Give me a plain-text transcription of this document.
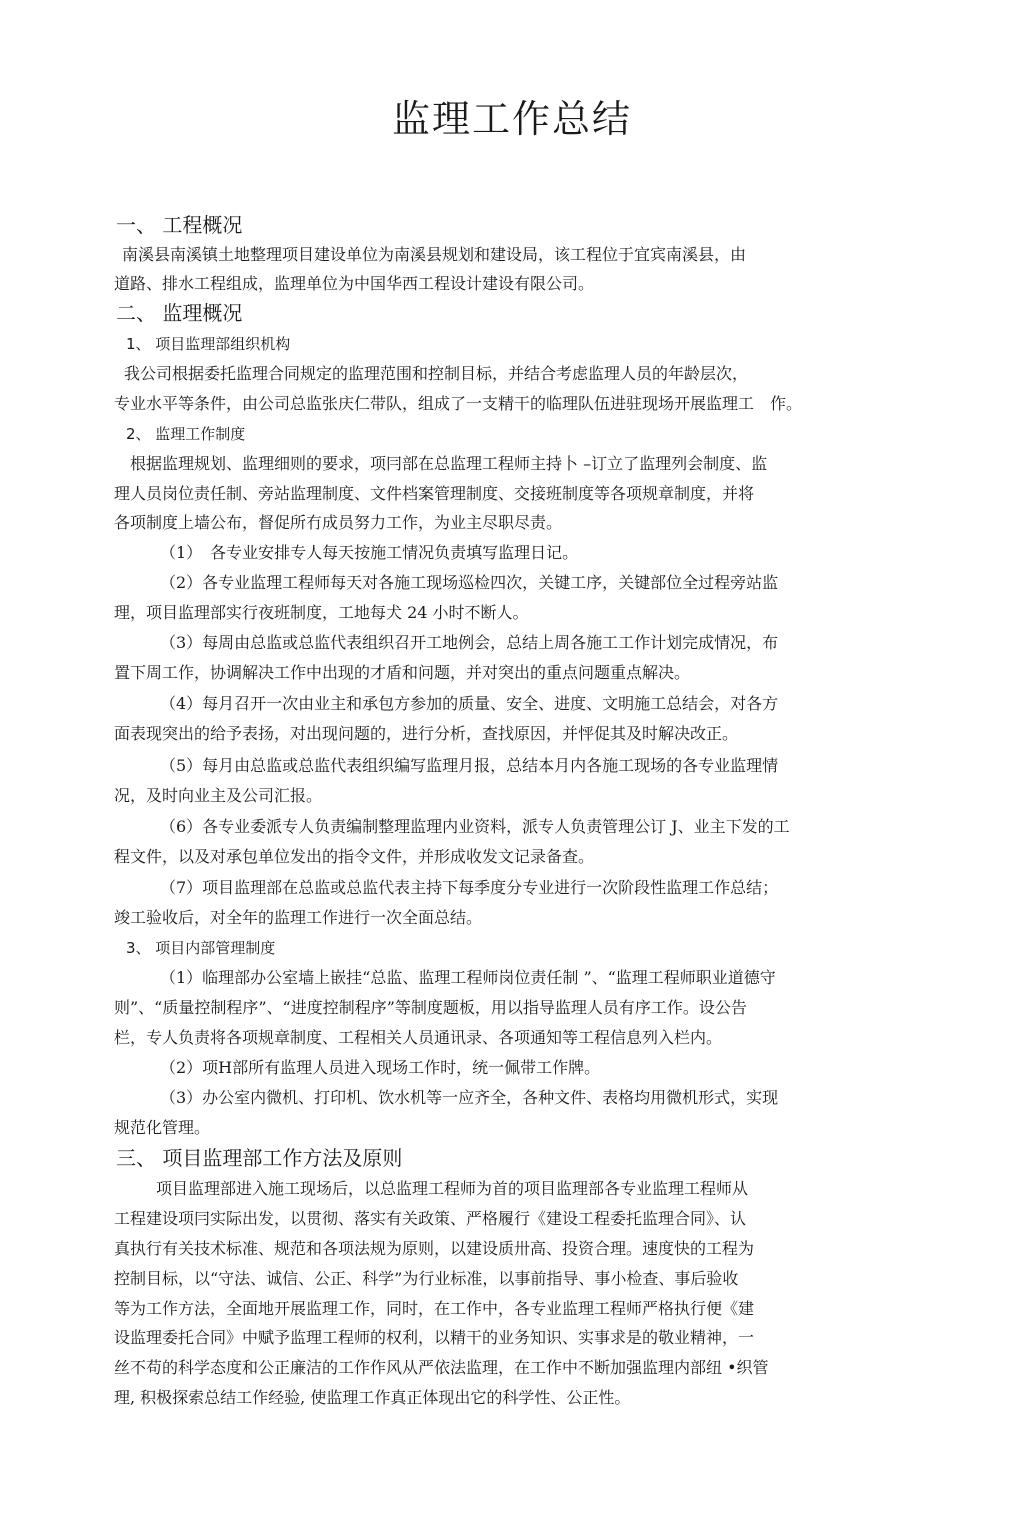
监理工作总结
一、 工程概况

南溪县南溪镇土地整理项目建设单位为南溪县规划和建设局，该工程位于宜宾南溪县，由

道路、排水工程组成，监理单位为中国华西工程设计建设有限公司。

二、 监理概况

1、 项目监理部组织机构

我公司根据委托监理合同规定的监理范围和控制目标，并结合考虑监理人员的年龄层次，

专业水平等条件，由公司总监张庆仁带队，组成了一支精干的临理队伍进驻现场开展监理工　作。

2、 监理工作制度

根据监理规划、监理细则的要求，项冃部在总监理工程师主持卜 –订立了监理列会制度、监

理人员岗位责任制、旁站监理制度、文件档案管理制度、交接班制度等各项规章制度，并将

各项制度上墙公布，督促所冇成员努力工作，为业主尽职尽责。

（1）　各专业安排专人每天按施工情况负责填写监理日记。

（2）各专业监理工程师每天对各施工现场巡检四次，关键工序，关键部位全过程旁站监

理，项目监理部实行夜班制度，工地每犬 24 小时不断人。

（3）每周由总监或总监代表组织召开工地例会，总结上周各施工工作计划完成情况，布

置下周工作，协调解决工作中出现的才盾和问题，并对突出的重点问题重点解决。

（4）每月召开一次由业主和承包方参加的质量、安全、进度、文明施工总结会，对各方

面表现突出的给予表扬，对出现问题的，进行分析，查找原因，并怦促其及时解决改正。

（5）每月由总监或总监代表组织编写监理月报，总结本月内各施工现场的各专业监理情

况，及时向业主及公司汇报。

（6）各专业委派专人负责编制整理监理内业资料，派专人负责管理公订 J、业主下发的工

程文件，以及对承包单位发出的指令文件，并形成收发文记录备查。

（7）项目监理部在总监或总监代表主持下每季度分专业进行一次阶段性监理工作总结；

竣工验收后，对全年的监理工作进行一次全面总结。

3、 项目内部管理制度

（1）临理部办公室墙上嵌挂“总监、监理工程师岗位责任制 ”、“监理工程师职业道德守

则”、“质量控制程序”、“进度控制程序”等制度题板，用以指导监理人员有序工作。设公告

栏，专人负责将各项规章制度、工程相关人员通讯录、各项通知等工程信息列入栏内。

（2）项H部所有监理人员进入现场工作时，统一佩带工作牌。

（3）办公室内微机、打印机、饮水机等一应齐全，各种文件、表格均用微机形式，实现

规范化管理。

三、 项目监理部工作方法及原则

项目监理部进入施工现场后，以总监理工程师为首的项目监理部各专业监理工程师从

工程建设项冃实际出发，以贯彻、落实有关政策、严格履行《建设工程委托监理合同》、认

真执行有关技术标准、规范和各项法规为原则，以建设质卅高、投资合理。速度快的工程为

控制目标，以“守法、诚信、公正、科学”为行业标准，以事前指导、事小检查、事后验收

等为工作方法，全面地开展监理工作，同时，在工作中，各专业监理工程师严格执行便《建

设监理委托合同》中赋予监理工程师的权利，以精干的业务知识、实事求是的敬业精神，一

丝不苟的科学态度和公正廉洁的工作作风从严依法监理，在工作中不断加强监理内部纽 •织管

理, 积极探索总结工作经验, 使监理工作真正体现出它的科学性、公正性。
